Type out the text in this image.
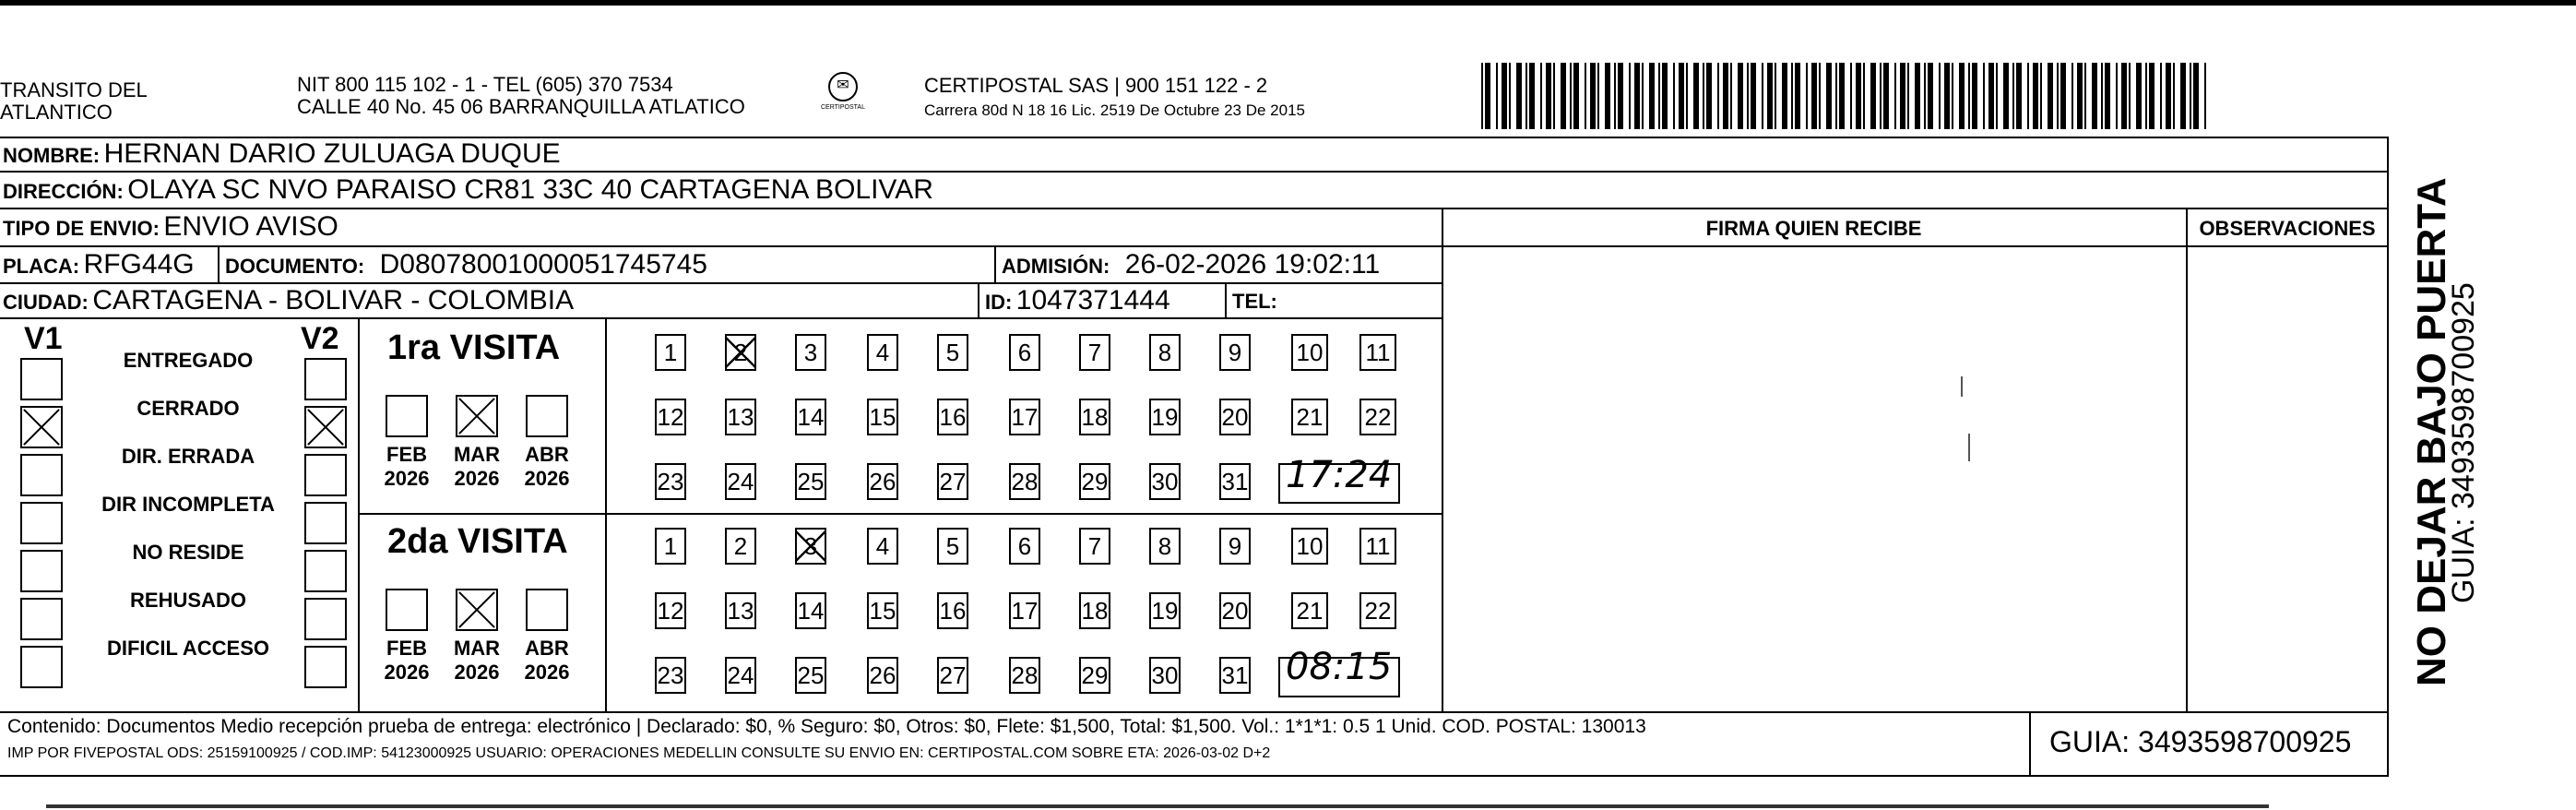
TRANSITO DEL
ATLANTICO
NIT 800 115 102 - 1 - TEL (605) 370 7534
CALLE 40 No. 45 06 BARRANQUILLA ATLATICO
✉
CERTIPOSTAL
CERTIPOSTAL SAS | 900 151 122 - 2
Carrera 80d N 18 16 Lic. 2519 De Octubre 23 De 2015
NOMBRE: HERNAN DARIO ZULUAGA DUQUE
DIRECCIÓN: OLAYA SC NVO PARAISO CR81 33C 40 CARTAGENA BOLIVAR
TIPO DE ENVIO: ENVIO AVISO
PLACA: RFG44G DOCUMENTO: D08078001000051745745	ADMISIÓN: 26-02-2026 19:02:11
CIUDAD: CARTAGENA - BOLIVAR - COLOMBIA	ID: 1047371444	TEL:
FIRMA QUIEN RECIBE	OBSERVACIONES
V1	V2
ENTREGADO
CERRADO
DIR. ERRADA
DIR INCOMPLETA
NO RESIDE
REHUSADO
DIFICIL ACCESO
1ra VISITA
2da VISITA
FEB
2026
MAR
2026
ABR
2026
1	2	3	4	5	6	7	8	9	10 11
12 13 14 15 16 17 18 19 20 21 22
23 24 25 26 27 28 29 30 31
FEB
2026
MAR
2026
ABR
2026
1	2	3	4	5	6	7	8	9	10 11
12 13 14 15 16 17 18 19 20 21 22
23 24 25 26 27 28 29 30 31
17:24
08:15
Contenido: Documentos Medio recepción prueba de entrega: electrónico | Declarado: $0, % Seguro: $0, Otros: $0, Flete: $1,500, Total: $1,500. Vol.: 1*1*1: 0.5 1 Unid. COD. POSTAL: 130013
IMP POR FIVEPOSTAL ODS: 25159100925 / COD.IMP: 54123000925 USUARIO: OPERACIONES MEDELLIN CONSULTE SU ENVIO EN: CERTIPOSTAL.COM SOBRE ETA: 2026-03-02 D+2	GUIA: 3493598700925
NO DEJAR BAJO PUERTA
GUIA: 3493598700925
